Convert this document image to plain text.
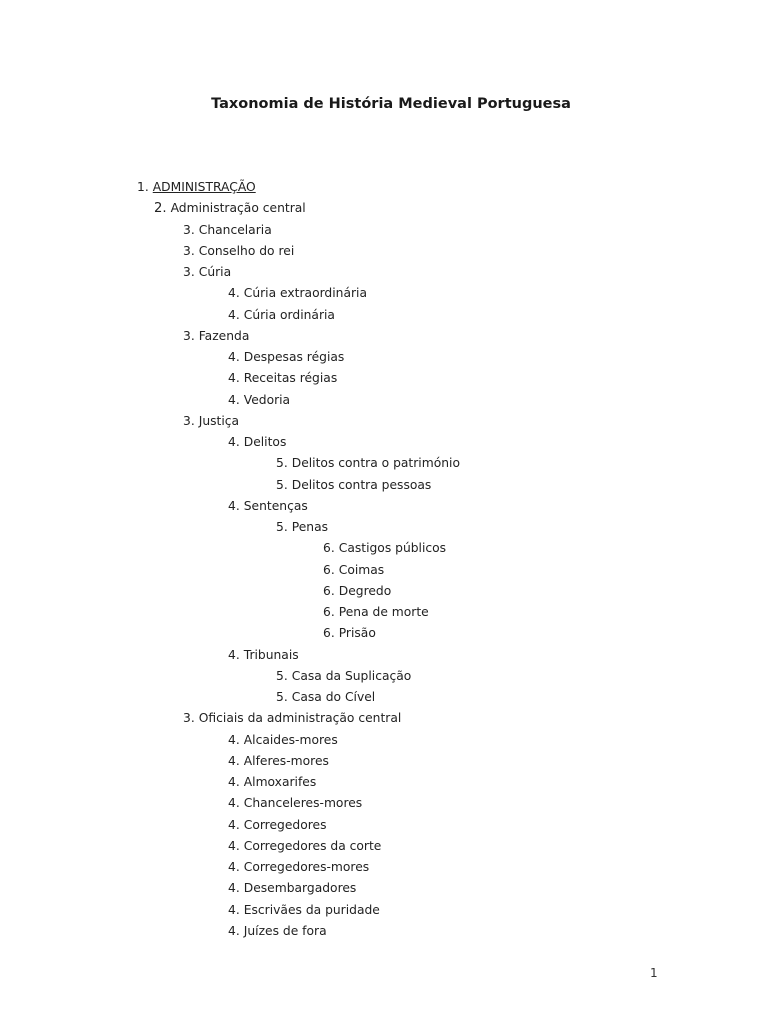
Taxonomia de História Medieval Portuguesa
1. ADMINISTRAÇÃO
2. Administração central
3. Chancelaria
3. Conselho do rei
3. Cúria
4. Cúria extraordinária
4. Cúria ordinária
3. Fazenda
4. Despesas régias
4. Receitas régias
4. Vedoria
3. Justiça
4. Delitos
5. Delitos contra o património
5. Delitos contra pessoas
4. Sentenças
5. Penas
6. Castigos públicos
6. Coimas
6. Degredo
6. Pena de morte
6. Prisão
4. Tribunais
5. Casa da Suplicação
5. Casa do Cível
3. Oficiais da administração central
4. Alcaides-mores
4. Alferes-mores
4. Almoxarifes
4. Chanceleres-mores
4. Corregedores
4. Corregedores da corte
4. Corregedores-mores
4. Desembargadores
4. Escrivães da puridade
4. Juízes de fora
1
